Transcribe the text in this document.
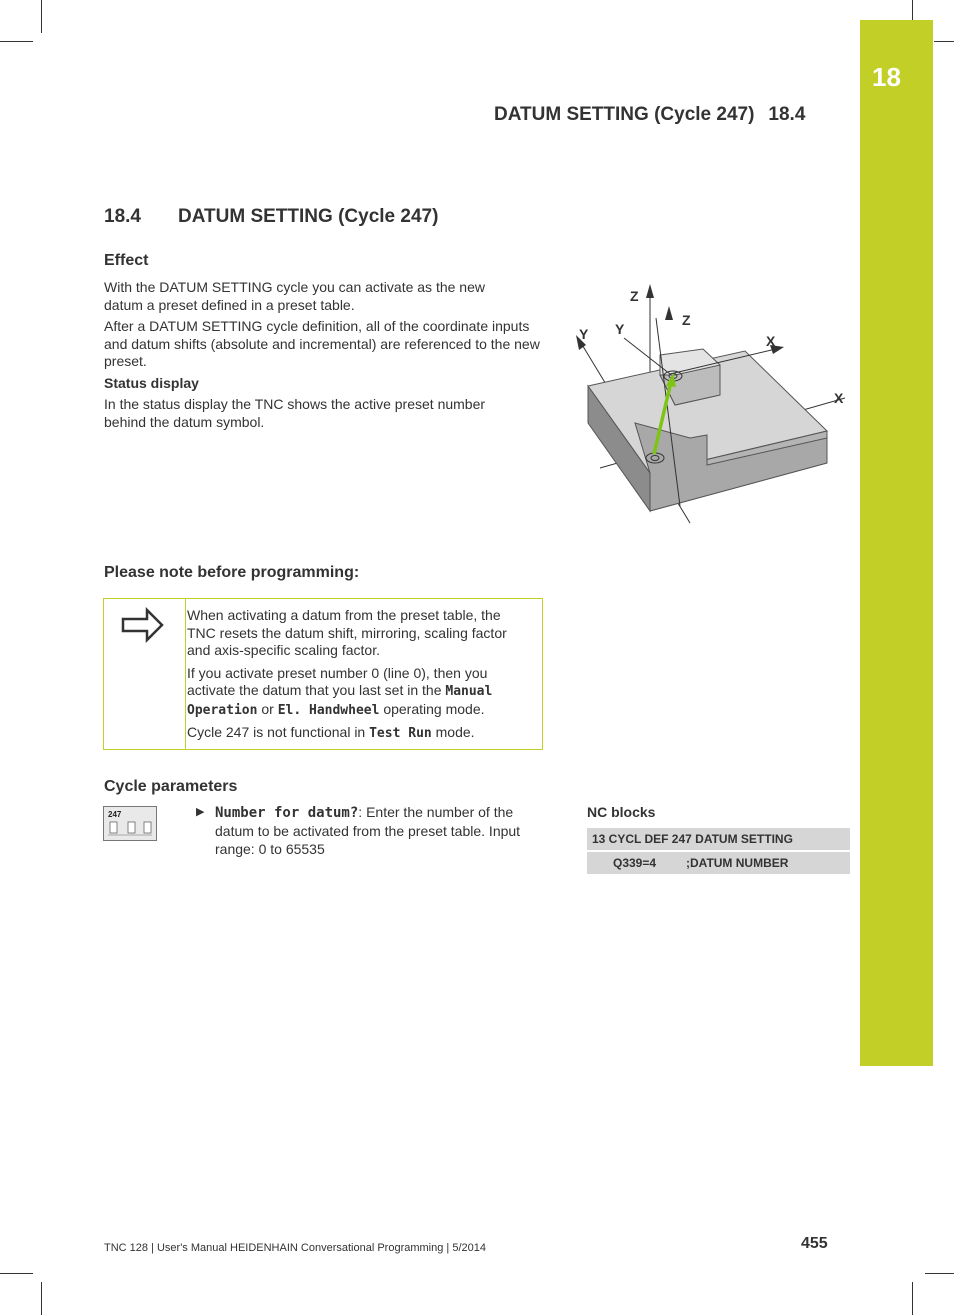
18
DATUM SETTING (Cycle 247) 18.4
18.4 DATUM SETTING (Cycle 247)
Effect

With the DATUM SETTING cycle you can activate as the new datum a preset defined in a preset table.

After a DATUM SETTING cycle definition, all of the coordinate inputs and datum shifts (absolute and incremental) are referenced to the new preset.

Status display

In the status display the TNC shows the active preset number behind the datum symbol.

Z
Y Y
Z
X
X
Please note before programming:

When activating a datum from the preset table, the TNC resets the datum shift, mirroring, scaling factor and axis-specific scaling factor.

If you activate preset number 0 (line 0), then you activate the datum that you last set in the Manual Operation or El. Handwheel operating mode.

Cycle 247 is not functional in Test Run mode.

Cycle parameters
247	▶ Number for datum?: Enter the number of the datum to be activated from the preset table. Input range: 0 to 65535
NC blocks
13 CYCL DEF 247 DATUM SETTING
Q339=4 ;DATUM NUMBER
TNC 128 | User's Manual HEIDENHAIN Conversational Programming | 5/2014	455
